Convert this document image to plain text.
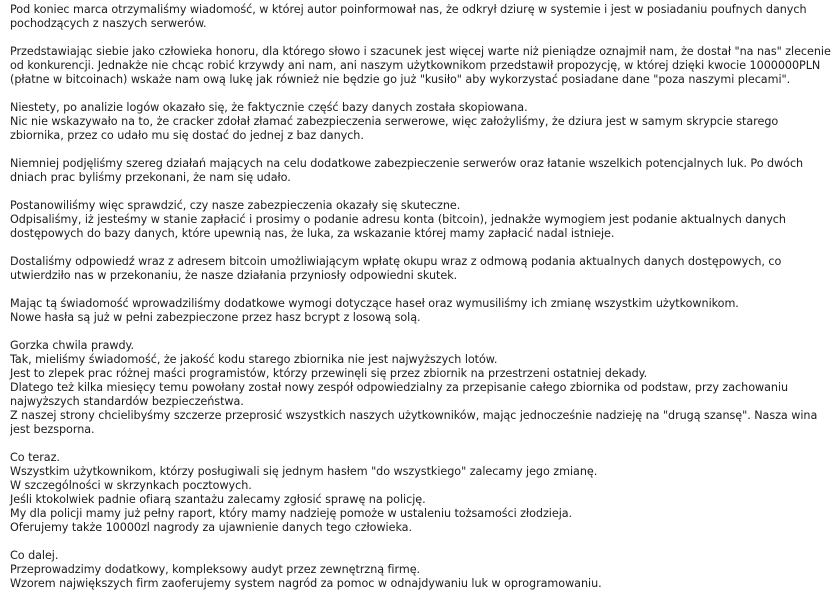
Pod koniec marca otrzymaliśmy wiadomość, w której autor poinformował nas, że odkrył dziurę w systemie i jest w posiadaniu poufnych danych pochodzących z naszych serwerów.

Przedstawiając siebie jako człowieka honoru, dla którego słowo i szacunek jest więcej warte niż pieniądze oznajmił nam, że dostał "na nas" zlecenie od konkurencji. Jednakże nie chcąc robić krzywdy ani nam, ani naszym użytkownikom przedstawił propozycję, w której dzięki kwocie 1000000PLN (płatne w bitcoinach) wskaże nam ową lukę jak również nie będzie go już "kusiło" aby wykorzystać posiadane dane "poza naszymi plecami".

Niestety, po analizie logów okazało się, że faktycznie część bazy danych została skopiowana.
Nic nie wskazywało na to, że cracker zdołał złamać zabezpieczenia serwerowe, więc założyliśmy, że dziura jest w samym skrypcie starego zbiornika, przez co udało mu się dostać do jednej z baz danych.

Niemniej podjęliśmy szereg działań mających na celu dodatkowe zabezpieczenie serwerów oraz łatanie wszelkich potencjalnych luk. Po dwóch dniach prac byliśmy przekonani, że nam się udało.

Postanowiliśmy więc sprawdzić, czy nasze zabezpieczenia okazały się skuteczne.
Odpisaliśmy, iż jesteśmy w stanie zapłacić i prosimy o podanie adresu konta (bitcoin), jednakże wymogiem jest podanie aktualnych danych dostępowych do bazy danych, które upewnią nas, że luka, za wskazanie której mamy zapłacić nadal istnieje.

Dostaliśmy odpowiedź wraz z adresem bitcoin umożliwiającym wpłatę okupu wraz z odmową podania aktualnych danych dostępowych, co utwierdziło nas w przekonaniu, że nasze działania przyniosły odpowiedni skutek.

Mając tą świadomość wprowadziliśmy dodatkowe wymogi dotyczące haseł oraz wymusiliśmy ich zmianę wszystkim użytkownikom.
Nowe hasła są już w pełni zabezpieczone przez hasz bcrypt z losową solą.

Gorzka chwila prawdy.
Tak, mieliśmy świadomość, że jakość kodu starego zbiornika nie jest najwyższych lotów.
Jest to zlepek prac różnej maści programistów, którzy przewinęli się przez zbiornik na przestrzeni ostatniej dekady.
Dlatego też kilka miesięcy temu powołany został nowy zespół odpowiedzialny za przepisanie całego zbiornika od podstaw, przy zachowaniu najwyższych standardów bezpieczeństwa.
Z naszej strony chcielibyśmy szczerze przeprosić wszystkich naszych użytkowników, mając jednocześnie nadzieję na "drugą szansę". Nasza wina jest bezsporna.

Co teraz.
Wszystkim użytkownikom, którzy posługiwali się jednym hasłem "do wszystkiego" zalecamy jego zmianę.
W szczególności w skrzynkach pocztowych.
Jeśli ktokolwiek padnie ofiarą szantażu zalecamy zgłosić sprawę na policję.
My dla policji mamy już pełny raport, który mamy nadzieję pomoże w ustaleniu tożsamości złodzieja.
Oferujemy także 10000zl nagrody za ujawnienie danych tego człowieka.

Co dalej.
Przeprowadzimy dodatkowy, kompleksowy audyt przez zewnętrzną firmę.
Wzorem największych firm zaoferujemy system nagród za pomoc w odnajdywaniu luk w oprogramowaniu.
